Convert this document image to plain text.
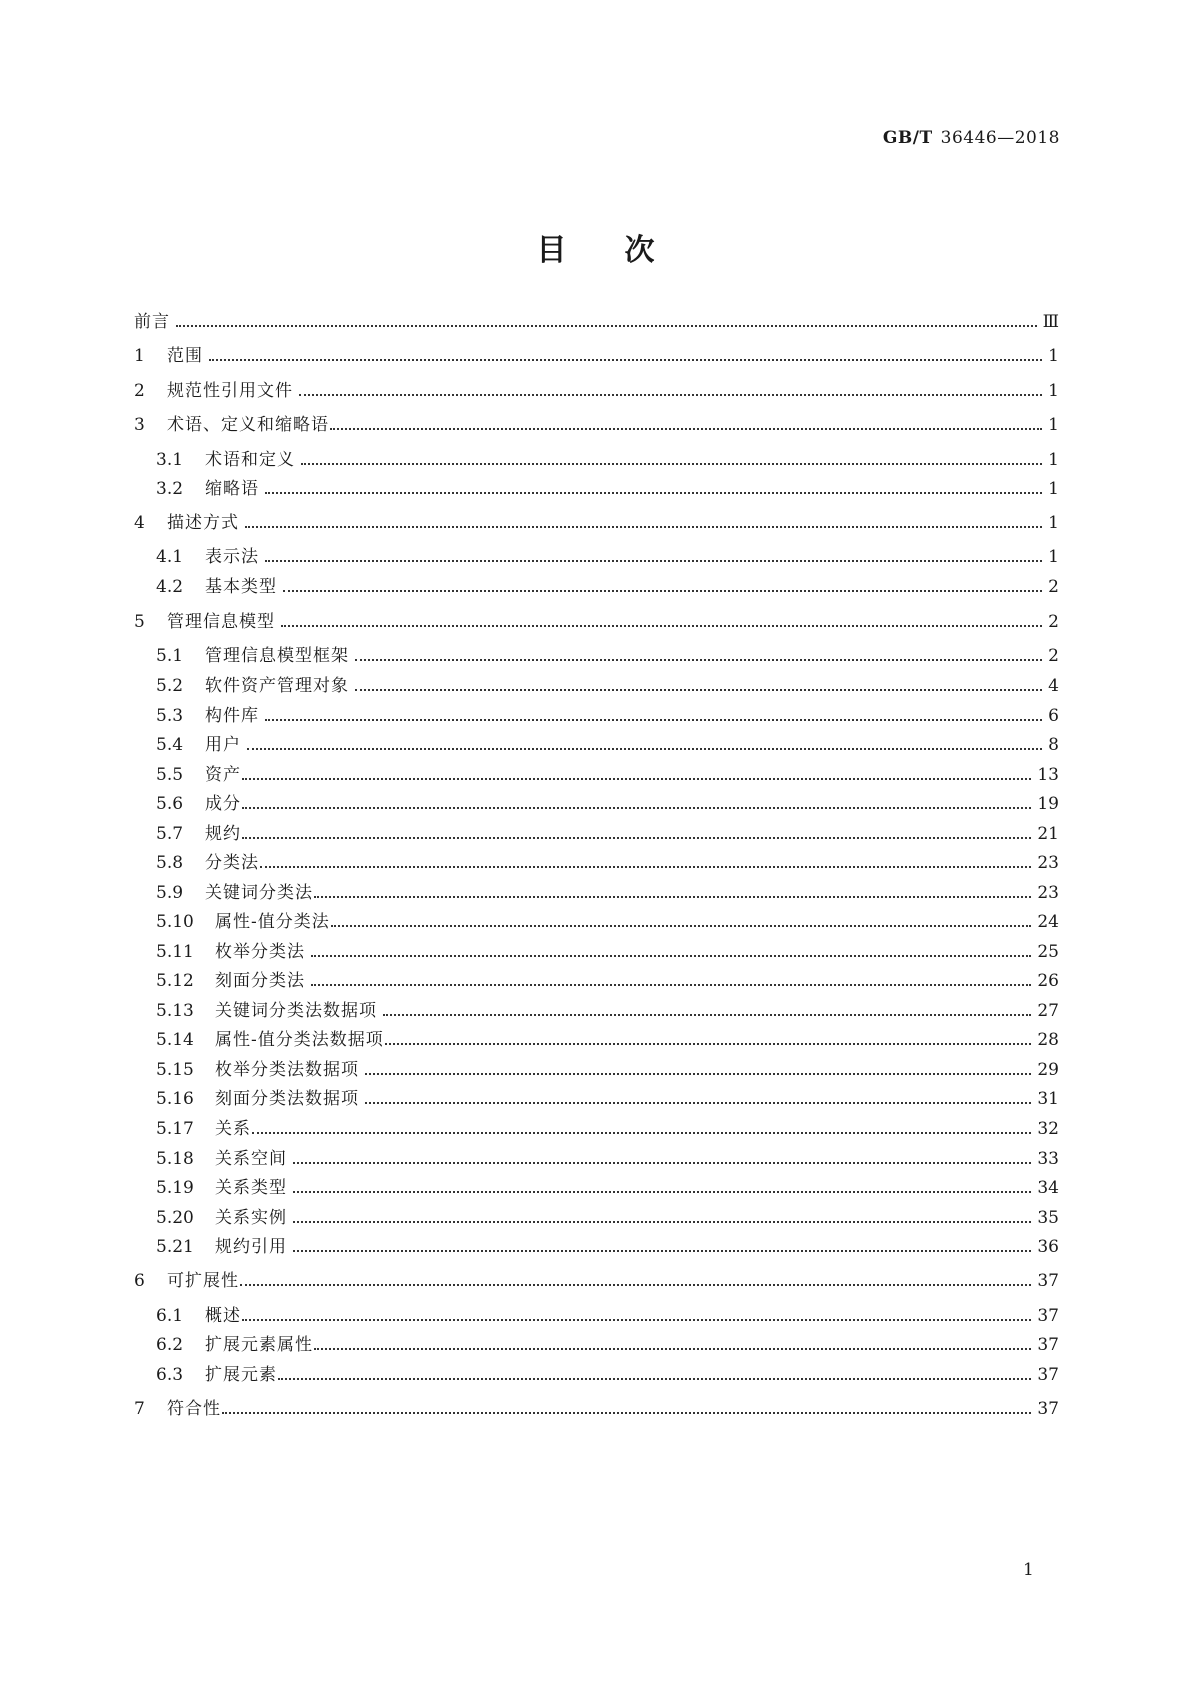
GB/T 36446—2018
目次
前言	Ⅲ
1	范围	1
2	规范性引用文件	1
3	术语、定义和缩略语	1
3.1	术语和定义	1
3.2	缩略语	1
4	描述方式	1
4.1	表示法	1
4.2	基本类型	2
5	管理信息模型	2
5.1	管理信息模型框架	2
5.2	软件资产管理对象	4
5.3	构件库	6
5.4	用户	8
5.5	资产	13
5.6	成分	19
5.7	规约	21
5.8	分类法	23
5.9	关键词分类法	23
5.10	属性-值分类法	24
5.11	枚举分类法	25
5.12	刻面分类法	26
5.13	关键词分类法数据项	27
5.14	属性-值分类法数据项	28
5.15	枚举分类法数据项	29
5.16	刻面分类法数据项	31
5.17	关系	32
5.18	关系空间	33
5.19	关系类型	34
5.20	关系实例	35
5.21	规约引用	36
6	可扩展性	37
6.1	概述	37
6.2	扩展元素属性	37
6.3	扩展元素	37
7	符合性	37
1
